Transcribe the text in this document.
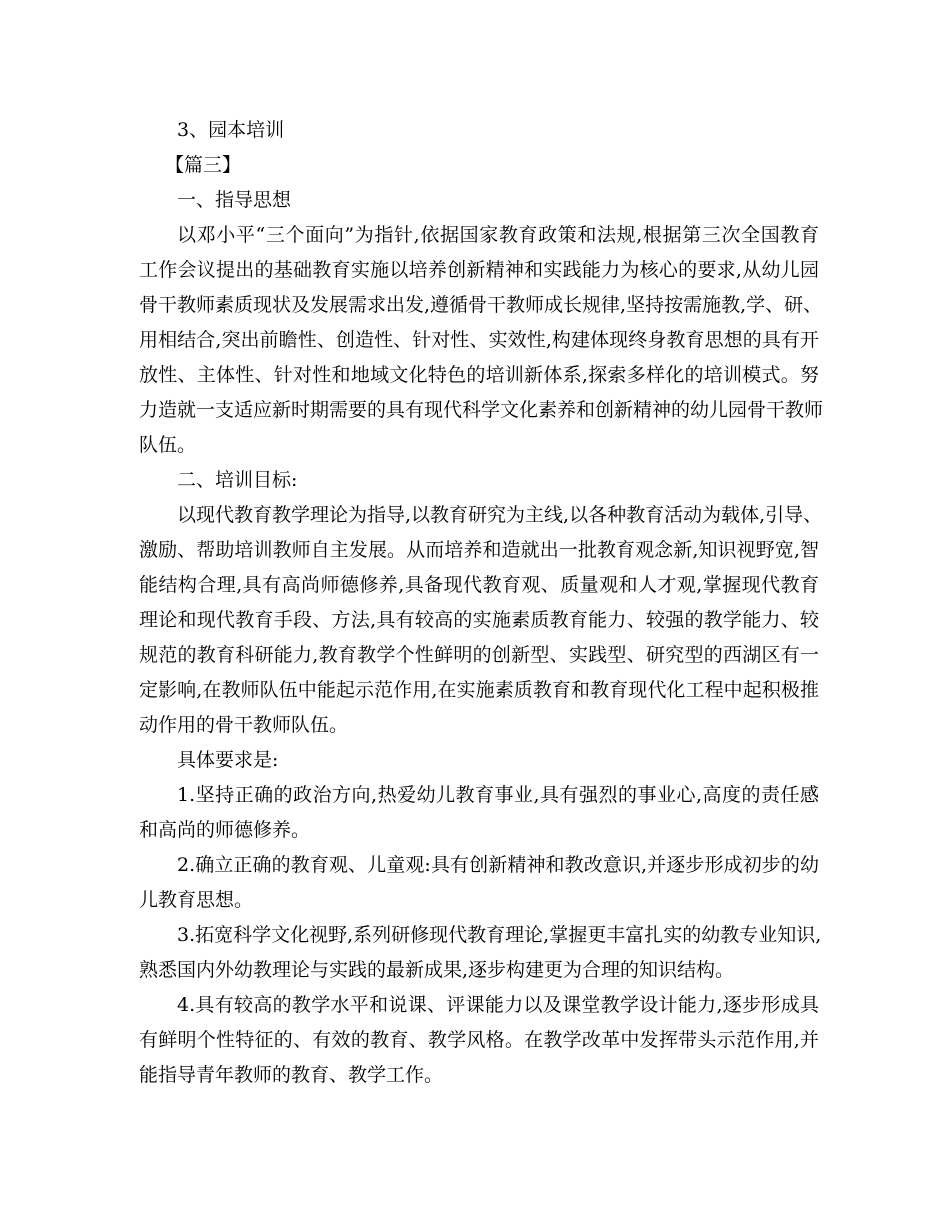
3、园本培训
【篇三】
一、指导思想
以邓小平“三个面向”为指针,依据国家教育政策和法规,根据第三次全国教育
工作会议提出的基础教育实施以培养创新精神和实践能力为核心的要求,从幼儿园
骨干教师素质现状及发展需求出发,遵循骨干教师成长规律,坚持按需施教,学、研、
用相结合,突出前瞻性、创造性、针对性、实效性,构建体现终身教育思想的具有开
放性、主体性、针对性和地域文化特色的培训新体系,探索多样化的培训模式。努
力造就一支适应新时期需要的具有现代科学文化素养和创新精神的幼儿园骨干教师
队伍。
二、培训目标:
以现代教育教学理论为指导,以教育研究为主线,以各种教育活动为载体,引导、
激励、帮助培训教师自主发展。从而培养和造就出一批教育观念新,知识视野宽,智
能结构合理,具有高尚师德修养,具备现代教育观、质量观和人才观,掌握现代教育
理论和现代教育手段、方法,具有较高的实施素质教育能力、较强的教学能力、较
规范的教育科研能力,教育教学个性鲜明的创新型、实践型、研究型的西湖区有一
定影响,在教师队伍中能起示范作用,在实施素质教育和教育现代化工程中起积极推
动作用的骨干教师队伍。
具体要求是:
1.坚持正确的政治方向,热爱幼儿教育事业,具有强烈的事业心,高度的责任感
和高尚的师德修养。
2.确立正确的教育观、儿童观:具有创新精神和教改意识,并逐步形成初步的幼
儿教育思想。
3.拓宽科学文化视野,系列研修现代教育理论,掌握更丰富扎实的幼教专业知识,
熟悉国内外幼教理论与实践的最新成果,逐步构建更为合理的知识结构。
4.具有较高的教学水平和说课、评课能力以及课堂教学设计能力,逐步形成具
有鲜明个性特征的、有效的教育、教学风格。在教学改革中发挥带头示范作用,并
能指导青年教师的教育、教学工作。
